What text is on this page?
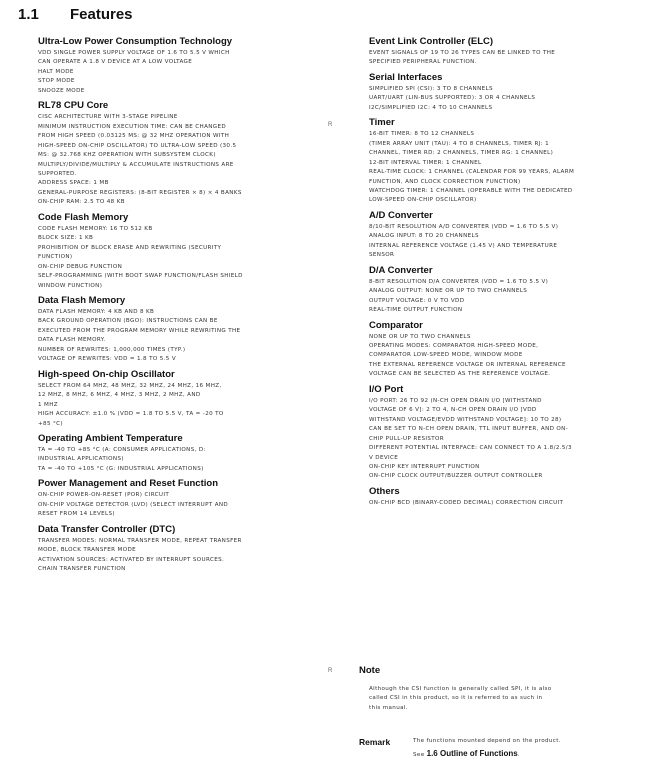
1.1 Features
Ultra-Low Power Consumption Technology
VDD SINGLE POWER SUPPLY VOLTAGE OF 1.6 TO 5.5 V WHICH
CAN OPERATE A 1.8 V DEVICE AT A LOW VOLTAGE
HALT MODE
STOP MODE
SNOOZE MODE
RL78 CPU Core
CISC ARCHITECTURE WITH 3-STAGE PIPELINE
MINIMUM INSTRUCTION EXECUTION TIME: CAN BE CHANGED
FROM HIGH SPEED (0.03125 ΜS: @ 32 MHZ OPERATION WITH
HIGH-SPEED ON-CHIP OSCILLATOR) TO ULTRA-LOW SPEED (30.5
ΜS: @ 32.768 KHZ OPERATION WITH SUBSYSTEM CLOCK)
MULTIPLY/DIVIDE/MULTIPLY & ACCUMULATE INSTRUCTIONS ARE
SUPPORTED.
ADDRESS SPACE: 1 MB
GENERAL-PURPOSE REGISTERS: (8-BIT REGISTER × 8) × 4 BANKS
ON-CHIP RAM: 2.5 TO 48 KB
Code Flash Memory
CODE FLASH MEMORY: 16 TO 512 KB
BLOCK SIZE: 1 KB
PROHIBITION OF BLOCK ERASE AND REWRITING (SECURITY
FUNCTION)
ON-CHIP DEBUG FUNCTION
SELF-PROGRAMMING (WITH BOOT SWAP FUNCTION/FLASH SHIELD
WINDOW FUNCTION)
Data Flash Memory
DATA FLASH MEMORY: 4 KB AND 8 KB
BACK GROUND OPERATION (BGO): INSTRUCTIONS CAN BE
EXECUTED FROM THE PROGRAM MEMORY WHILE REWRITING THE
DATA FLASH MEMORY.
NUMBER OF REWRITES: 1,000,000 TIMES (TYP.)
VOLTAGE OF REWRITES: VDD = 1.8 TO 5.5 V
High-speed On-chip Oscillator
SELECT FROM 64 MHZ, 48 MHZ, 32 MHZ, 24 MHZ, 16 MHZ,
12 MHZ, 8 MHZ, 6 MHZ, 4 MHZ, 3 MHZ, 2 MHZ, AND
1 MHZ
HIGH ACCURACY: ±1.0 % (VDD = 1.8 TO 5.5 V, TA = -20 TO
+85 °C)
Operating Ambient Temperature
TA = -40 TO +85 °C (A: CONSUMER APPLICATIONS, D:
INDUSTRIAL APPLICATIONS)
TA = -40 TO +105 °C (G: INDUSTRIAL APPLICATIONS)
Power Management and Reset Function
ON-CHIP POWER-ON-RESET (POR) CIRCUIT
ON-CHIP VOLTAGE DETECTOR (LVD) (SELECT INTERRUPT AND
RESET FROM 14 LEVELS)
Data Transfer Controller (DTC)
TRANSFER MODES: NORMAL TRANSFER MODE, REPEAT TRANSFER
MODE, BLOCK TRANSFER MODE
ACTIVATION SOURCES: ACTIVATED BY INTERRUPT SOURCES.
CHAIN TRANSFER FUNCTION
Event Link Controller (ELC)
EVENT SIGNALS OF 19 TO 26 TYPES CAN BE LINKED TO THE
SPECIFIED PERIPHERAL FUNCTION.
Serial Interfaces
SIMPLIFIED SPI (CSI): 3 TO 8 CHANNELS
UART/UART (LIN-BUS SUPPORTED): 3 OR 4 CHANNELS
I2C/SIMPLIFIED I2C: 4 TO 10 CHANNELS
Timer
16-BIT TIMER: 8 TO 12 CHANNELS
(TIMER ARRAY UNIT (TAU): 4 TO 8 CHANNELS, TIMER RJ: 1
CHANNEL, TIMER RD: 2 CHANNELS, TIMER RG: 1 CHANNEL)
12-BIT INTERVAL TIMER: 1 CHANNEL
REAL-TIME CLOCK: 1 CHANNEL (CALENDAR FOR 99 YEARS, ALARM
FUNCTION, AND CLOCK CORRECTION FUNCTION)
WATCHDOG TIMER: 1 CHANNEL (OPERABLE WITH THE DEDICATED
LOW-SPEED ON-CHIP OSCILLATOR)
A/D Converter
8/10-BIT RESOLUTION A/D CONVERTER (VDD = 1.6 TO 5.5 V)
ANALOG INPUT: 8 TO 20 CHANNELS
INTERNAL REFERENCE VOLTAGE (1.45 V) AND TEMPERATURE
SENSOR
D/A Converter
8-BIT RESOLUTION D/A CONVERTER (VDD = 1.6 TO 5.5 V)
ANALOG OUTPUT: NONE OR UP TO TWO CHANNELS
OUTPUT VOLTAGE: 0 V TO VDD
REAL-TIME OUTPUT FUNCTION
Comparator
NONE OR UP TO TWO CHANNELS
OPERATING MODES: COMPARATOR HIGH-SPEED MODE,
COMPARATOR LOW-SPEED MODE, WINDOW MODE
THE EXTERNAL REFERENCE VOLTAGE OR INTERNAL REFERENCE
VOLTAGE CAN BE SELECTED AS THE REFERENCE VOLTAGE.
I/O Port
I/O PORT: 26 TO 92 (N-CH OPEN DRAIN I/O [WITHSTAND
VOLTAGE OF 6 V]: 2 TO 4, N-CH OPEN DRAIN I/O [VDD
WITHSTAND VOLTAGE/EVDD WITHSTAND VOLTAGE]: 10 TO 28)
CAN BE SET TO N-CH OPEN DRAIN, TTL INPUT BUFFER, AND ON-
CHIP PULL-UP RESISTOR
DIFFERENT POTENTIAL INTERFACE: CAN CONNECT TO A 1.8/2.5/3
V DEVICE
ON-CHIP KEY INTERRUPT FUNCTION
ON-CHIP CLOCK OUTPUT/BUZZER OUTPUT CONTROLLER
Others
ON-CHIP BCD (BINARY-CODED DECIMAL) CORRECTION CIRCUIT
R
R	Note
Although the CSI function is generally called SPI, it is also
called CSI in this product, so it is referred to as such in
this manual.
Remark	The functions mounted depend on the product.
See 1.6 Outline of Functions.
